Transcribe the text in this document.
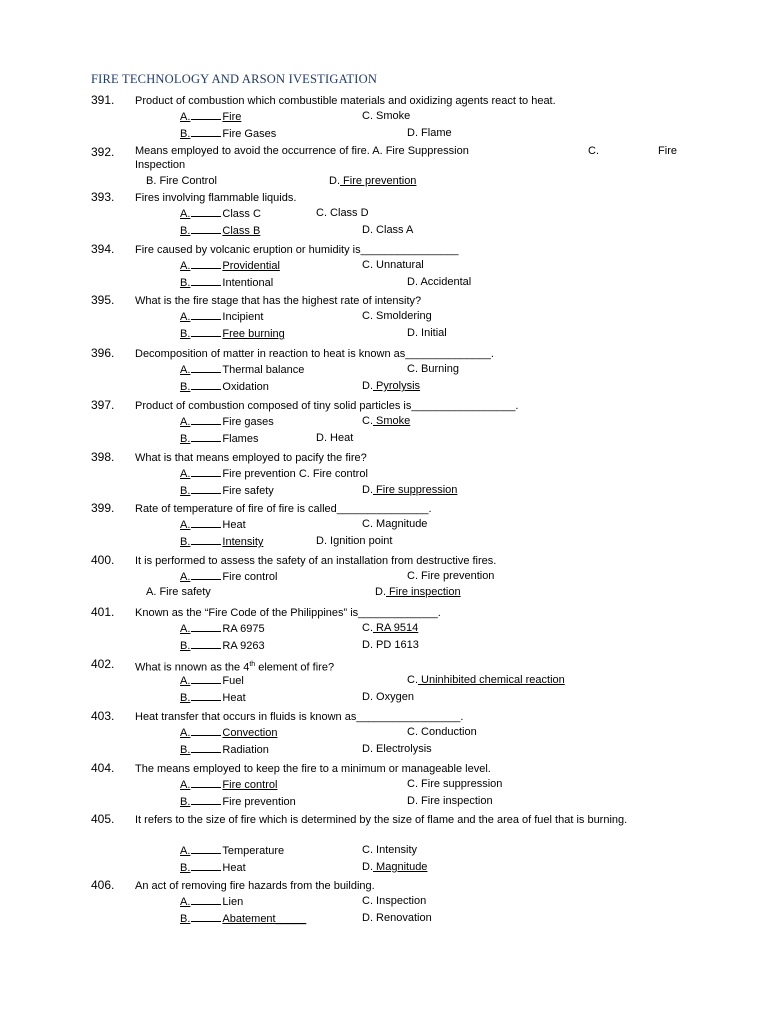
FIRE TECHNOLOGY AND ARSON IVESTIGATION
391. Product of combustion which combustible materials and oxidizing agents react to heat.
A.	Fire	C. Smoke
B.	Fire Gases	D. Flame
392. Means employed to avoid the occurrence of fire. A. Fire Suppression	C.	Fire
Inspection
B. Fire Control	D. Fire prevention
393. Fires involving flammable liquids.
A.	Class C	C. Class D
B.	Class B	D. Class A
394. Fire caused by volcanic eruption or humidity is________________
A.	Providential	C. Unnatural
B.	Intentional	D. Accidental
395. What is the fire stage that has the highest rate of intensity?
A.	Incipient	C. Smoldering
B.	Free burning	D. Initial
396. Decomposition of matter in reaction to heat is known as______________.
A.	Thermal balance	C. Burning
B.	Oxidation	D. Pyrolysis
397. Product of combustion composed of tiny solid particles is_________________.
A.	Fire gases	C. Smoke
B.	Flames	D. Heat
398. What is that means employed to pacify the fire?
A.	Fire prevention C. Fire control
B.	Fire safety	D. Fire suppression
399. Rate of temperature of fire of fire is called_______________.
A.	Heat	C. Magnitude
B.	Intensity	D. Ignition point
400. It is performed to assess the safety of an installation from destructive fires.
A.	Fire control	C. Fire prevention
A. Fire safety	D. Fire inspection
401. Known as the “Fire Code of the Philippines” is_____________.
A.	RA 6975	C. RA 9514
B.	RA 9263	D. PD 1613
402. What is nnown as the 4th element of fire?
A.	Fuel	C. Uninhibited chemical reaction
B.	Heat	D. Oxygen
403. Heat transfer that occurs in fluids is known as_________________.
A.	Convection	C. Conduction
B.	Radiation	D. Electrolysis
404. The means employed to keep the fire to a minimum or manageable level.
A.	Fire control	C. Fire suppression
B.	Fire prevention	D. Fire inspection
405. It refers to the size of fire which is determined by the size of flame and the area of fuel that is burning.
A.	Temperature	C. Intensity
B.	Heat	D. Magnitude
406. An act of removing fire hazards from the building.
A.	Lien	C. Inspection
B.	Abatement_____	D. Renovation
